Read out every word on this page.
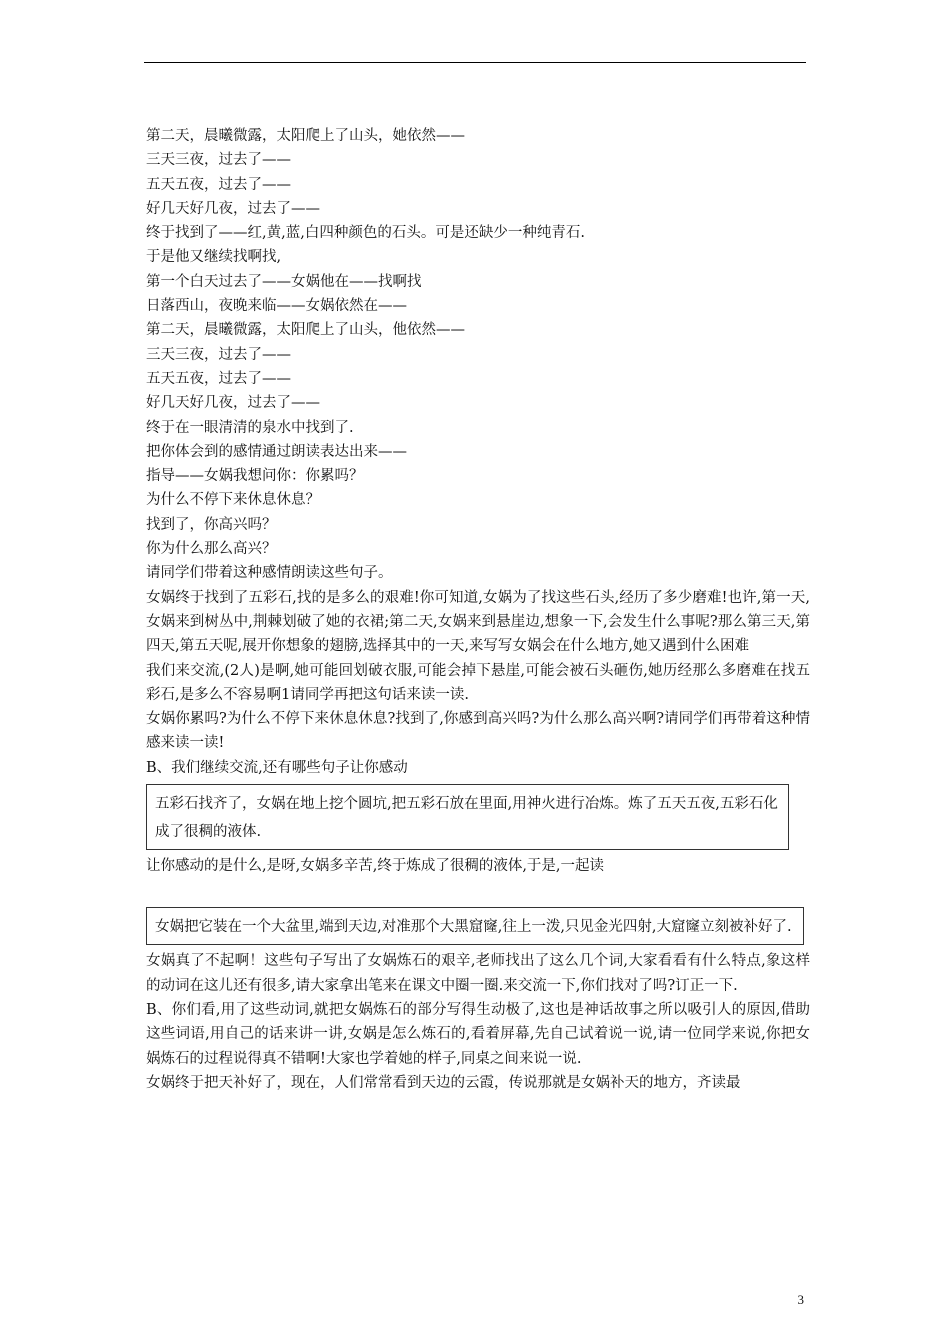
第二天，晨曦微露，太阳爬上了山头，她依然——
三天三夜，过去了——
五天五夜，过去了——
好几天好几夜，过去了——
终于找到了——红,黄,蓝,白四种颜色的石头。可是还缺少一种纯青石.
于是他又继续找啊找,
第一个白天过去了——女娲他在——找啊找
日落西山，夜晚来临——女娲依然在——
第二天，晨曦微露，太阳爬上了山头，他依然——
三天三夜，过去了——
五天五夜，过去了——
好几天好几夜，过去了——
终于在一眼清清的泉水中找到了.
把你体会到的感情通过朗读表达出来——
指导——女娲我想问你：你累吗？
为什么不停下来休息休息？
找到了，你高兴吗？
你为什么那么高兴？
请同学们带着这种感情朗读这些句子。
女娲终于找到了五彩石,找的是多么的艰难!你可知道,女娲为了找这些石头,经历了多少磨难!也许,第一天,女娲来到树丛中,荆棘划破了她的衣裙;第二天,女娲来到悬崖边,想象一下,会发生什么事呢?那么第三天,第四天,第五天呢,展开你想象的翅膀,选择其中的一天,来写写女娲会在什么地方,她又遇到什么困难
我们来交流,(2人)是啊,她可能回划破衣服,可能会掉下悬崖,可能会被石头砸伤,她历经那么多磨难在找五彩石,是多么不容易啊1请同学再把这句话来读一读.
女娲你累吗?为什么不停下来休息休息?找到了,你感到高兴吗?为什么那么高兴啊?请同学们再带着这种情感来读一读!
B、我们继续交流,还有哪些句子让你感动
五彩石找齐了，女娲在地上挖个圆坑,把五彩石放在里面,用神火进行冶炼。炼了五天五夜,五彩石化成了很稠的液体.
让你感动的是什么,是呀,女娲多辛苦,终于炼成了很稠的液体,于是,一起读
女娲把它装在一个大盆里,端到天边,对准那个大黑窟窿,往上一泼,只见金光四射,大窟窿立刻被补好了.
女娲真了不起啊！这些句子写出了女娲炼石的艰辛,老师找出了这么几个词,大家看看有什么特点,象这样的动词在这儿还有很多,请大家拿出笔来在课文中圈一圈.来交流一下,你们找对了吗?订正一下.
B、你们看,用了这些动词,就把女娲炼石的部分写得生动极了,这也是神话故事之所以吸引人的原因,借助这些词语,用自己的话来讲一讲,女娲是怎么炼石的,看着屏幕,先自己试着说一说,请一位同学来说,你把女娲炼石的过程说得真不错啊!大家也学着她的样子,同桌之间来说一说.
女娲终于把天补好了，现在，人们常常看到天边的云霞，传说那就是女娲补天的地方，齐读最
3
